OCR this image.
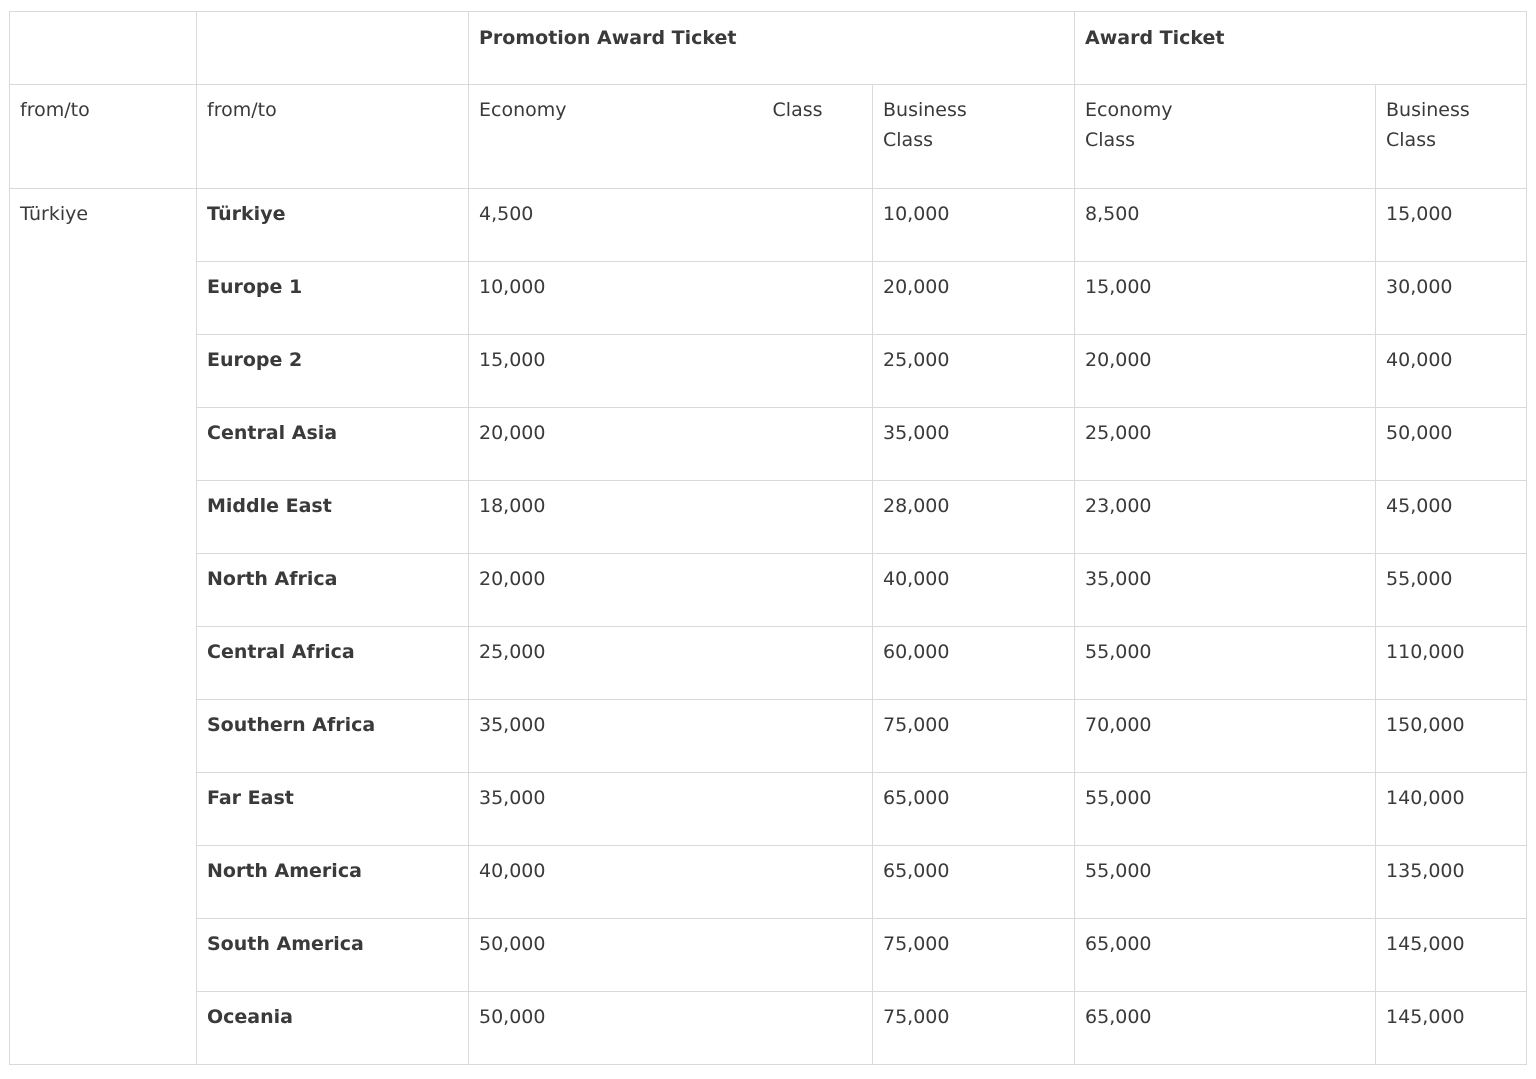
		Promotion Award Ticket		Award Ticket	
from/to	from/to	Economy Class	Business Class	Economy Class	Business Class
Türkiye	Türkiye	4,500	10,000	8,500	15,000
	Europe 1	10,000	20,000	15,000	30,000
	Europe 2	15,000	25,000	20,000	40,000
	Central Asia	20,000	35,000	25,000	50,000
	Middle East	18,000	28,000	23,000	45,000
	North Africa	20,000	40,000	35,000	55,000
	Central Africa	25,000	60,000	55,000	110,000
	Southern Africa	35,000	75,000	70,000	150,000
	Far East	35,000	65,000	55,000	140,000
	North America	40,000	65,000	55,000	135,000
	South America	50,000	75,000	65,000	145,000
	Oceania	50,000	75,000	65,000	145,000
